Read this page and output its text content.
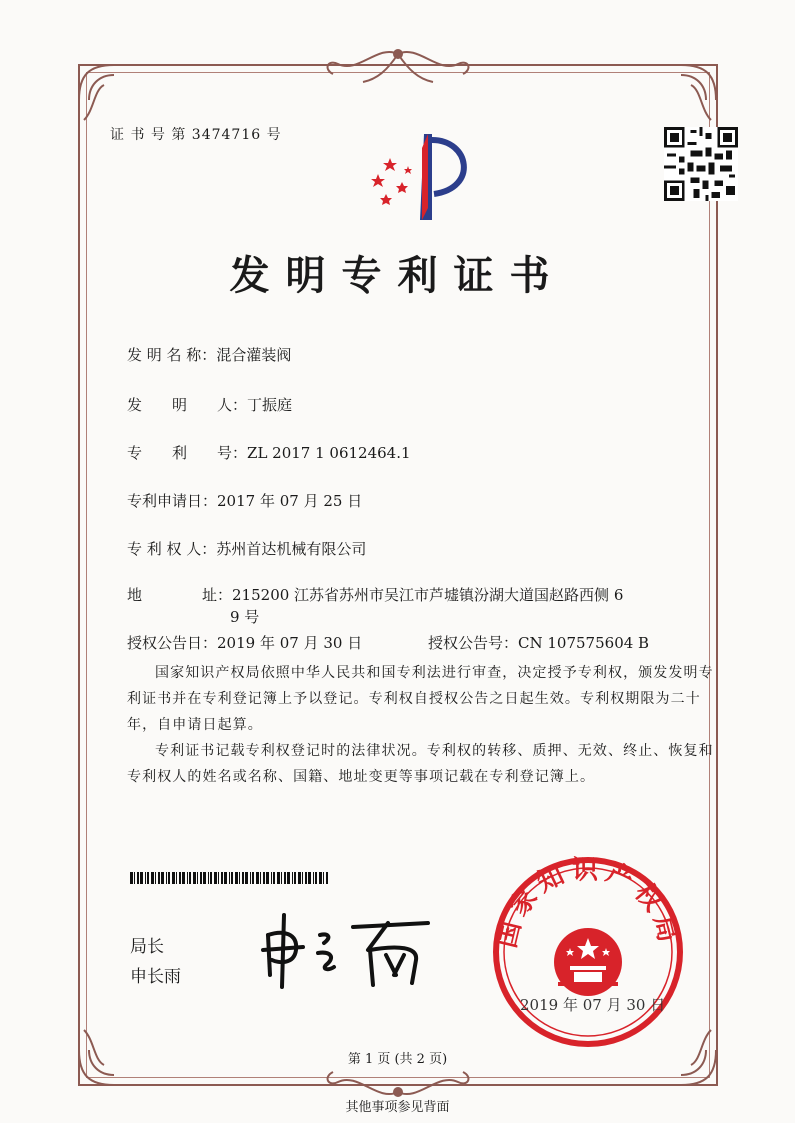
证 书 号 第 3474716 号
发明专利证书
发 明 名 称：混合灌装阀
发　　明　　人：丁振庭
专　　利　　号：ZL 2017 1 0612464.1
专利申请日：2017 年 07 月 25 日
专 利 权 人：苏州首达机械有限公司
地　　　　址：215200 江苏省苏州市吴江市芦墟镇汾湖大道国赵路西侧 6
9 号
授权公告日：2019 年 07 月 30 日	授权公告号：CN 107575604 B
国家知识产权局依照中华人民共和国专利法进行审查，决定授予专利权，颁发发明专利证书并在专利登记簿上予以登记。专利权自授权公告之日起生效。专利权期限为二十年，自申请日起算。
专利证书记载专利权登记时的法律状况。专利权的转移、质押、无效、终止、恢复和专利权人的姓名或名称、国籍、地址变更等事项记载在专利登记簿上。
局长
申长雨
国家知识产权局
2019 年 07 月 30 日
第 1 页 (共 2 页)
其他事项参见背面
